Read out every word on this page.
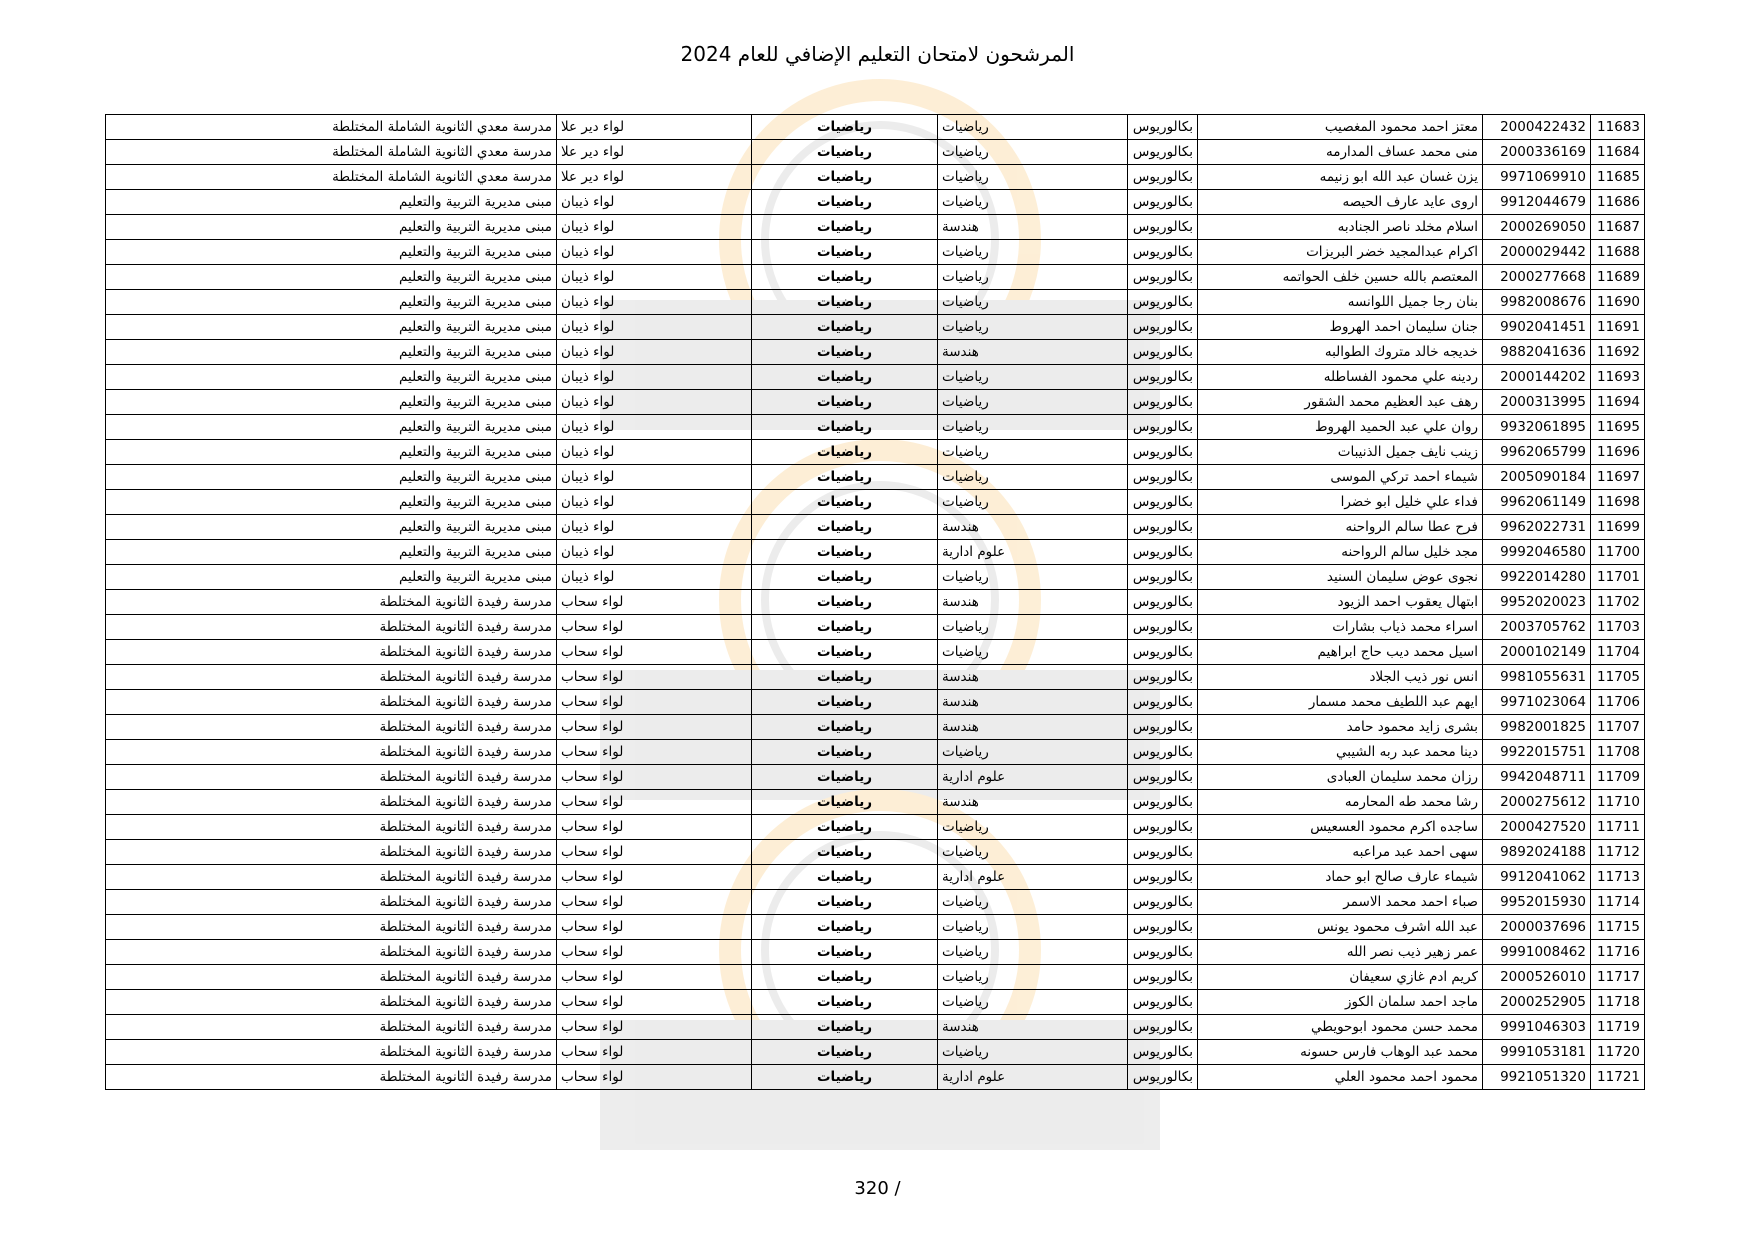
المرشحون لامتحان التعليم الإضافي للعام 2024
11683	2000422432	معتز احمد محمود المغصيب	بكالوريوس	رياضيات	رياضيات	لواء دير علا	مدرسة معدي الثانوية الشاملة المختلطة
11684	2000336169	منى محمد عساف المدارمه	بكالوريوس	رياضيات	رياضيات	لواء دير علا	مدرسة معدي الثانوية الشاملة المختلطة
11685	9971069910	يزن غسان عبد الله ابو زنيمه	بكالوريوس	رياضيات	رياضيات	لواء دير علا	مدرسة معدي الثانوية الشاملة المختلطة
11686	9912044679	اروى عايد عارف الحيصه	بكالوريوس	رياضيات	رياضيات	لواء ذيبان	مبنى مديرية التربية والتعليم
11687	2000269050	اسلام مخلد ناصر الجنادبه	بكالوريوس	هندسة	رياضيات	لواء ذيبان	مبنى مديرية التربية والتعليم
11688	2000029442	اكرام عبدالمجيد خضر البريزات	بكالوريوس	رياضيات	رياضيات	لواء ذيبان	مبنى مديرية التربية والتعليم
11689	2000277668	المعتصم بالله حسين خلف الحواتمه	بكالوريوس	رياضيات	رياضيات	لواء ذيبان	مبنى مديرية التربية والتعليم
11690	9982008676	بنان رجا جميل اللوانسه	بكالوريوس	رياضيات	رياضيات	لواء ذيبان	مبنى مديرية التربية والتعليم
11691	9902041451	جنان سليمان احمد الهروط	بكالوريوس	رياضيات	رياضيات	لواء ذيبان	مبنى مديرية التربية والتعليم
11692	9882041636	خديجه خالد متروك الطوالبه	بكالوريوس	هندسة	رياضيات	لواء ذيبان	مبنى مديرية التربية والتعليم
11693	2000144202	ردينه علي محمود الفساطله	بكالوريوس	رياضيات	رياضيات	لواء ذيبان	مبنى مديرية التربية والتعليم
11694	2000313995	رهف عبد العظيم محمد الشقور	بكالوريوس	رياضيات	رياضيات	لواء ذيبان	مبنى مديرية التربية والتعليم
11695	9932061895	روان علي عبد الحميد الهروط	بكالوريوس	رياضيات	رياضيات	لواء ذيبان	مبنى مديرية التربية والتعليم
11696	9962065799	زينب نايف جميل الذنيبات	بكالوريوس	رياضيات	رياضيات	لواء ذيبان	مبنى مديرية التربية والتعليم
11697	2005090184	شيماء احمد تركي الموسى	بكالوريوس	رياضيات	رياضيات	لواء ذيبان	مبنى مديرية التربية والتعليم
11698	9962061149	فداء علي خليل ابو خضرا	بكالوريوس	رياضيات	رياضيات	لواء ذيبان	مبنى مديرية التربية والتعليم
11699	9962022731	فرح عطا سالم الرواحنه	بكالوريوس	هندسة	رياضيات	لواء ذيبان	مبنى مديرية التربية والتعليم
11700	9992046580	مجد خليل سالم الرواحنه	بكالوريوس	علوم ادارية	رياضيات	لواء ذيبان	مبنى مديرية التربية والتعليم
11701	9922014280	نجوى عوض سليمان السنيد	بكالوريوس	رياضيات	رياضيات	لواء ذيبان	مبنى مديرية التربية والتعليم
11702	9952020023	ابتهال يعقوب احمد الزيود	بكالوريوس	هندسة	رياضيات	لواء سحاب	مدرسة رفيدة الثانوية المختلطة
11703	2003705762	اسراء محمد ذياب بشارات	بكالوريوس	رياضيات	رياضيات	لواء سحاب	مدرسة رفيدة الثانوية المختلطة
11704	2000102149	اسيل محمد ديب حاج ابراهيم	بكالوريوس	رياضيات	رياضيات	لواء سحاب	مدرسة رفيدة الثانوية المختلطة
11705	9981055631	انس نور ذيب الجلاد	بكالوريوس	هندسة	رياضيات	لواء سحاب	مدرسة رفيدة الثانوية المختلطة
11706	9971023064	ايهم عبد اللطيف محمد مسمار	بكالوريوس	هندسة	رياضيات	لواء سحاب	مدرسة رفيدة الثانوية المختلطة
11707	9982001825	بشرى زايد محمود حامد	بكالوريوس	هندسة	رياضيات	لواء سحاب	مدرسة رفيدة الثانوية المختلطة
11708	9922015751	دينا محمد عبد ربه الشيبي	بكالوريوس	رياضيات	رياضيات	لواء سحاب	مدرسة رفيدة الثانوية المختلطة
11709	9942048711	رزان محمد سليمان العبادى	بكالوريوس	علوم ادارية	رياضيات	لواء سحاب	مدرسة رفيدة الثانوية المختلطة
11710	2000275612	رشا محمد طه المحارمه	بكالوريوس	هندسة	رياضيات	لواء سحاب	مدرسة رفيدة الثانوية المختلطة
11711	2000427520	ساجده اكرم محمود العسعيس	بكالوريوس	رياضيات	رياضيات	لواء سحاب	مدرسة رفيدة الثانوية المختلطة
11712	9892024188	سهى احمد عبد مراعبه	بكالوريوس	رياضيات	رياضيات	لواء سحاب	مدرسة رفيدة الثانوية المختلطة
11713	9912041062	شيماء عارف صالح ابو حماد	بكالوريوس	علوم ادارية	رياضيات	لواء سحاب	مدرسة رفيدة الثانوية المختلطة
11714	9952015930	صباء احمد محمد الاسمر	بكالوريوس	رياضيات	رياضيات	لواء سحاب	مدرسة رفيدة الثانوية المختلطة
11715	2000037696	عبد الله اشرف محمود يونس	بكالوريوس	رياضيات	رياضيات	لواء سحاب	مدرسة رفيدة الثانوية المختلطة
11716	9991008462	عمر زهير ذيب نصر الله	بكالوريوس	رياضيات	رياضيات	لواء سحاب	مدرسة رفيدة الثانوية المختلطة
11717	2000526010	كريم ادم غازي سعيفان	بكالوريوس	رياضيات	رياضيات	لواء سحاب	مدرسة رفيدة الثانوية المختلطة
11718	2000252905	ماجد احمد سلمان الكوز	بكالوريوس	رياضيات	رياضيات	لواء سحاب	مدرسة رفيدة الثانوية المختلطة
11719	9991046303	محمد حسن محمود ابوحويطي	بكالوريوس	هندسة	رياضيات	لواء سحاب	مدرسة رفيدة الثانوية المختلطة
11720	9991053181	محمد عبد الوهاب فارس حسونه	بكالوريوس	رياضيات	رياضيات	لواء سحاب	مدرسة رفيدة الثانوية المختلطة
11721	9921051320	محمود احمد محمود العلي	بكالوريوس	علوم ادارية	رياضيات	لواء سحاب	مدرسة رفيدة الثانوية المختلطة
320 /
